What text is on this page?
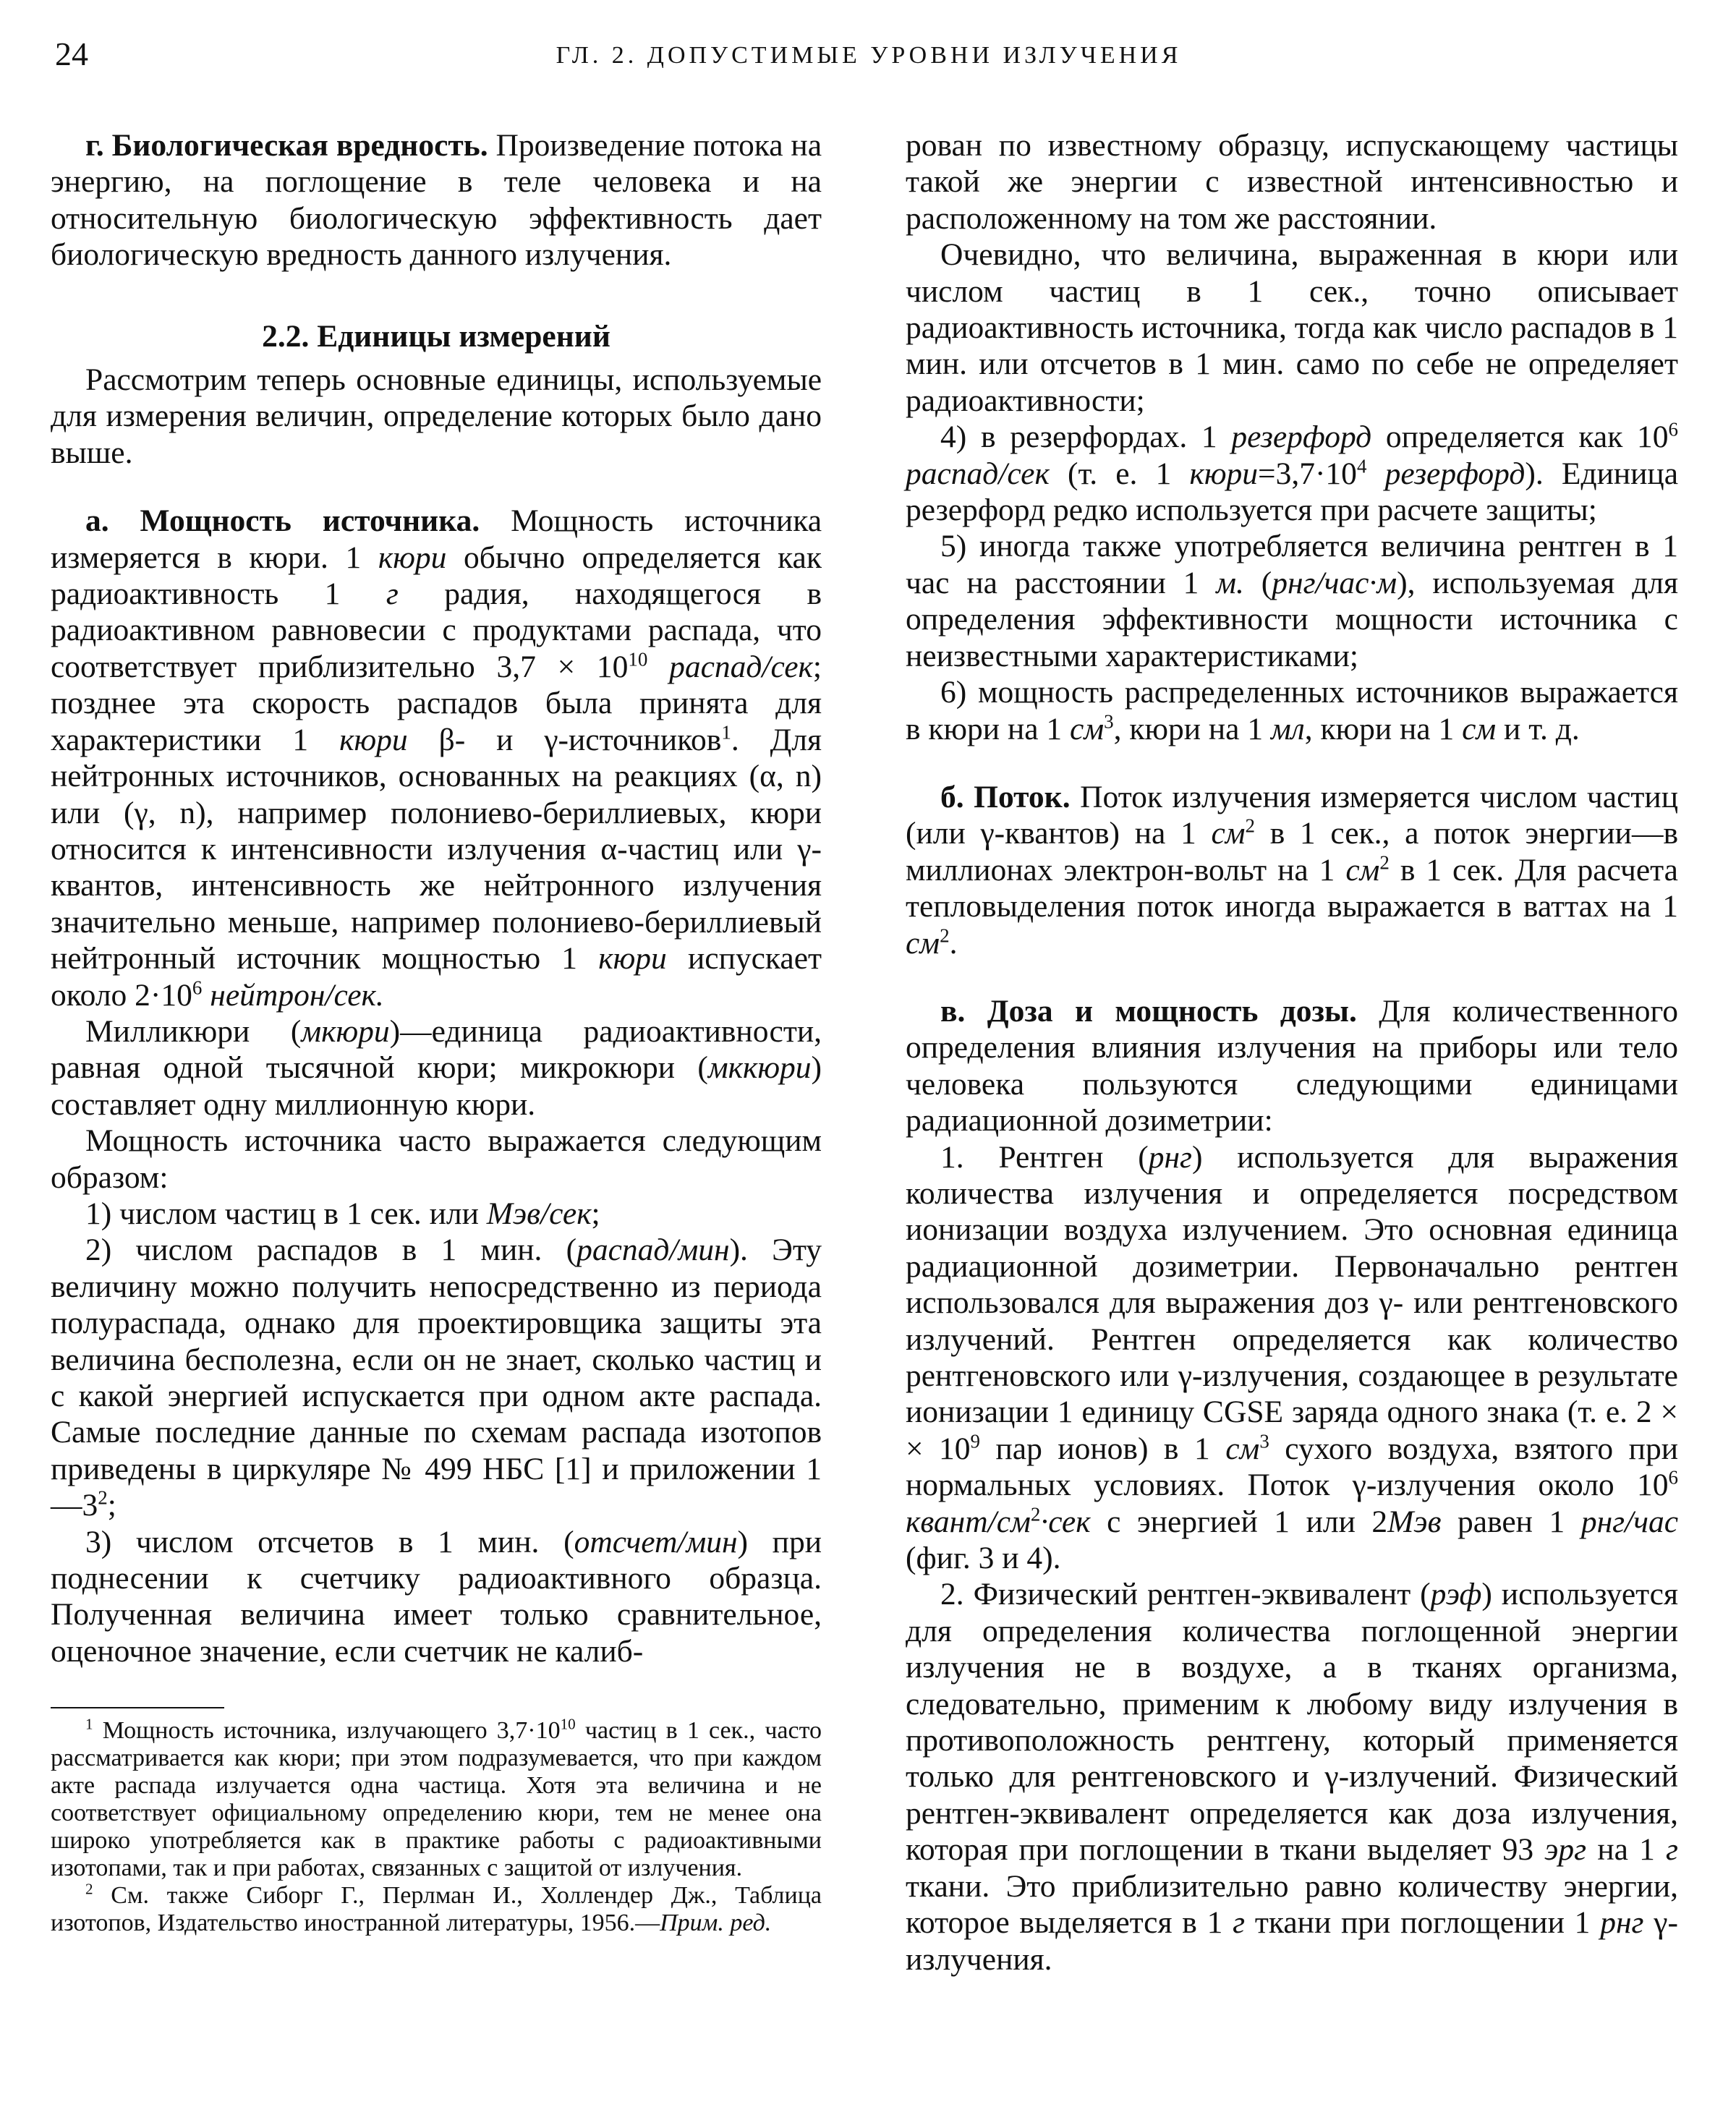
24	ГЛ. 2. ДОПУСТИМЫЕ УРОВНИ ИЗЛУЧЕНИЯ

г. Биологическая вредность. Произведение потока на энергию, на поглощение в теле человека и на относительную биологическую эффективность дает биологическую вредность данного излучения.

2.2. Единицы измерений

Рассмотрим теперь основные единицы, используемые для измерения величин, определение которых было дано выше.

а. Мощность источника. Мощность источника измеряется в кюри. 1 кюри обычно определяется как радиоактивность 1 г радия, находящегося в радиоактивном равновесии с продуктами распада, что соответствует приблизительно $3,7 \times 10^{10}$ распад/сек; позднее эта скорость распадов была принята для характеристики 1 кюри β- и γ-источников$^1$. Для нейтронных источников, основанных на реакциях (α, n) или (γ, n), например полониево-бериллиевых, кюри относится к интенсивности излучения α-частиц или γ-квантов, интенсивность же нейтронного излучения значительно меньше, например полониево-бериллиевый нейтронный источник мощностью 1 кюри испускает около $2\cdot 10^6$ нейтрон/сек.

Милликюри (мкюри)—единица радиоактивности, равная одной тысячной кюри; микрокюри (мккюри) составляет одну миллионную кюри.

Мощность источника часто выражается следующим образом:

1) числом частиц в 1 сек. или Мэв/сек;

2) числом распадов в 1 мин. (распад/мин). Эту величину можно получить непосредственно из периода полураспада, однако для проектировщика защиты эта величина бесполезна, если он не знает, сколько частиц и с какой энергией испускается при одном акте распада. Самые последние данные по схемам распада изотопов приведены в циркуляре № 499 НБС [1] и приложении $1—3^2$;

3) числом отсчетов в 1 мин. (отсчет/мин) при поднесении к счетчику радиоактивного образца. Полученная величина имеет только сравнительное, оценочное значение, если счетчик не калиб-

$^1$ Мощность источника, излучающего $3,7\cdot 10^{10}$ частиц в 1 сек., часто рассматривается как кюри; при этом подразумевается, что при каждом акте распада излучается одна частица. Хотя эта величина и не соответствует официальному определению кюри, тем не менее она широко употребляется как в практике работы с радиоактивными изотопами, так и при работах, связанных с защитой от излучения.

$^2$ См. также Сиборг Г., Перлман И., Холлендер Дж., Таблица изотопов, Издательство иностранной литературы, 1956.—Прим. ред.

рован по известному образцу, испускающему частицы такой же энергии с известной интенсивностью и расположенному на том же расстоянии.

Очевидно, что величина, выраженная в кюри или числом частиц в 1 сек., точно описывает радиоактивность источника, тогда как число распадов в 1 мин. или отсчетов в 1 мин. само по себе не определяет радиоактивности;

4) в резерфордах. 1 резерфорд определяется как $10^6$ распад/сек (т. е. 1 $кюри=3,7\cdot 10^4$ резерфорд). Единица резерфорд редко используется при расчете защиты;

5) иногда также употребляется величина рентген в 1 час на расстоянии 1 м. (рнг/час·м), используемая для определения эффективности мощности источника с неизвестными характеристиками;

6) мощность распределенных источников выражается в кюри на 1 $см^3$, кюри на 1 мл, кюри на 1 см и т. д.

б. Поток. Поток излучения измеряется числом частиц (или γ-квантов) на 1 $см^2$ в 1 сек., а поток энергии—в миллионах электрон-вольт на 1 $см^2$ в 1 сек. Для расчета тепловыделения поток иногда выражается в ваттах на 1 $см^2$.

в. Доза и мощность дозы. Для количественного определения влияния излучения на приборы или тело человека пользуются следующими единицами радиационной дозиметрии:

1. Рентген (рнг) используется для выражения количества излучения и определяется посредством ионизации воздуха излучением. Это основная единица радиационной дозиметрии. Первоначально рентген использовался для выражения доз γ- или рентгеновского излучений. Рентген определяется как количество рентгеновского или γ-излучения, создающее в результате ионизации 1 единицу CGSE заряда одного знака (т. е. 2 × × $10^9$ пар ионов) в 1 $см^3$ сухого воздуха, взятого при нормальных условиях. Поток γ-излучения около $10^6$ квант/$см^2\cdot сек$ с энергией 1 или 2Мэв равен 1 рнг/час (фиг. 3 и 4).

2. Физический рентген-эквивалент (рэф) используется для определения количества поглощенной энергии излучения не в воздухе, а в тканях организма, следовательно, применим к любому виду излучения в противоположность рентгену, который применяется только для рентгеновского и γ-излучений. Физический рентген-эквивалент определяется как доза излучения, которая при поглощении в ткани выделяет 93 эрг на 1 г ткани. Это приблизительно равно количеству энергии, которое выделяется в 1 г ткани при поглощении 1 рнг γ-излучения.
